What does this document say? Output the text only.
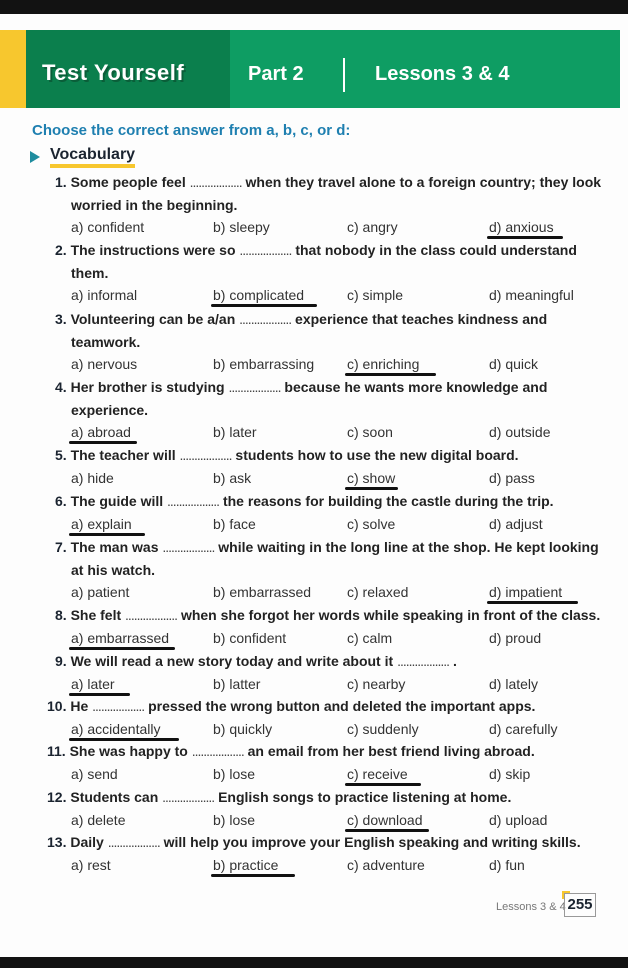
Test Yourself	Part 2	Lessons 3 & 4
Choose the correct answer from a, b, c, or d:
Vocabulary
1. Some people feel .................. when they travel alone to a foreign country; they look
worried in the beginning.
a) confident	b) sleepy	c) angry	d) anxious
2. The instructions were so .................. that nobody in the class could understand
them.
a) informal	b) complicated	c) simple	d) meaningful
3. Volunteering can be a/an .................. experience that teaches kindness and
teamwork.
a) nervous	b) embarrassing c) enriching	d) quick
4. Her brother is studying .................. because he wants more knowledge and
experience.
a) abroad	b) later	c) soon	d) outside
5. The teacher will .................. students how to use the new digital board.
a) hide	b) ask	c) show	d) pass
6. The guide will .................. the reasons for building the castle during the trip.
a) explain	b) face	c) solve	d) adjust
7. The man was .................. while waiting in the long line at the shop. He kept looking
at his watch.
a) patient	b) embarrassed	c) relaxed	d) impatient
8. She felt .................. when she forgot her words while speaking in front of the class.
a) embarrassed	b) confident	c) calm	d) proud
9. We will read a new story today and write about it .................. .
a) later	b) latter	c) nearby	d) lately
10. He .................. pressed the wrong button and deleted the important apps.
a) accidentally	b) quickly	c) suddenly	d) carefully
11. She was happy to .................. an email from her best friend living abroad.
a) send	b) lose	c) receive	d) skip
12. Students can .................. English songs to practice listening at home.
a) delete	b) lose	c) download	d) upload
13. Daily .................. will help you improve your English speaking and writing skills.
a) rest	b) practice	c) adventure	d) fun
Lessons 3 & 4 255
